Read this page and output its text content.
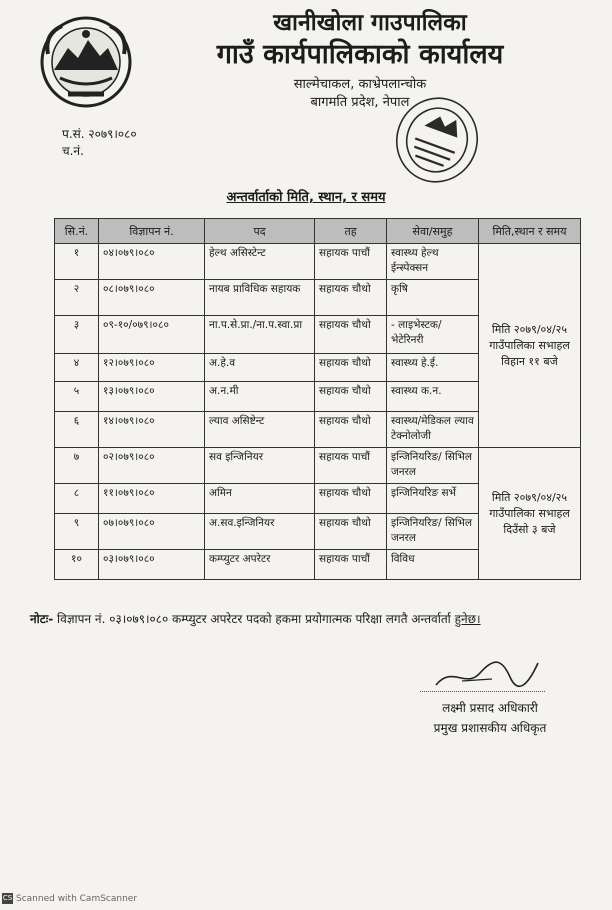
खानीखोला गाउपालिका
गाउँ कार्यपालिकाको कार्यालय
साल्मेचाकल, काभ्रेपलान्चोक
बागमति प्रदेश, नेपाल
प.सं. २०७९।०८०
च.नं.
अन्तर्वार्ताको मिति, स्थान, र समय
सि.नं.	विज्ञापन नं.	पद	तह	सेवा/समुह	मिति,स्थान र समय
१	०४।०७९।०८०	हेल्थ असिस्टेन्ट	सहायक पाचौं	स्वास्थ्य हेल्थ ईन्स्पेक्सन	मिति २०७९/०४/२५
गाउँपालिका सभाहल
विहान ११ बजे

२	०८।०७९।०८०	नायब प्राविधिक सहायक	सहायक चौथो	कृषि	
३	०९-१०/०७९।०८०	ना.प.से.प्रा./ना.प.स्वा.प्रा	सहायक चौथो	- लाइभेस्टक/ भेटेरिनरी	
४	१२।०७९।०८०	अ.हे.व	सहायक चौथो	स्वास्थ्य हे.ई.	
५	१३।०७९।०८०	अ.न.मी	सहायक चौथो	स्वास्थ्य क.न.	
६	१४।०७९।०८०	ल्याव असिष्टेन्ट	सहायक चौथो	स्वास्थ्य/मेडिकल ल्याव टेक्नोलोजी	
७	०२।०७९।०८०	सव इन्जिनियर	सहायक पाचौं	इन्जिनियरिङ/ सिभिल जनरल	मिति २०७९/०४/२५
गाउँपालिका सभाहल
दिउँसो ३ बजे

८	११।०७९।०८०	अमिन	सहायक चौथो	इन्जिनियरिङ सर्भे	
९	०७।०७९।०८०	अ.सव.इन्जिनियर	सहायक चौथो	इन्जिनियरिङ/ सिभिल जनरल	
१०	०३।०७९।०८०	कम्प्युटर अपरेटर	सहायक पाचौं	विविध	
नोटः- विज्ञापन नं. ०३।०७९।०८० कम्प्युटर अपरेटर पदको हकमा प्रयोगात्मक परिक्षा लगतै अन्तर्वार्ता हुनेछ।
लक्ष्मी प्रसाद अधिकारी
प्रमुख प्रशासकीय अधिकृत
CS Scanned with CamScanner
